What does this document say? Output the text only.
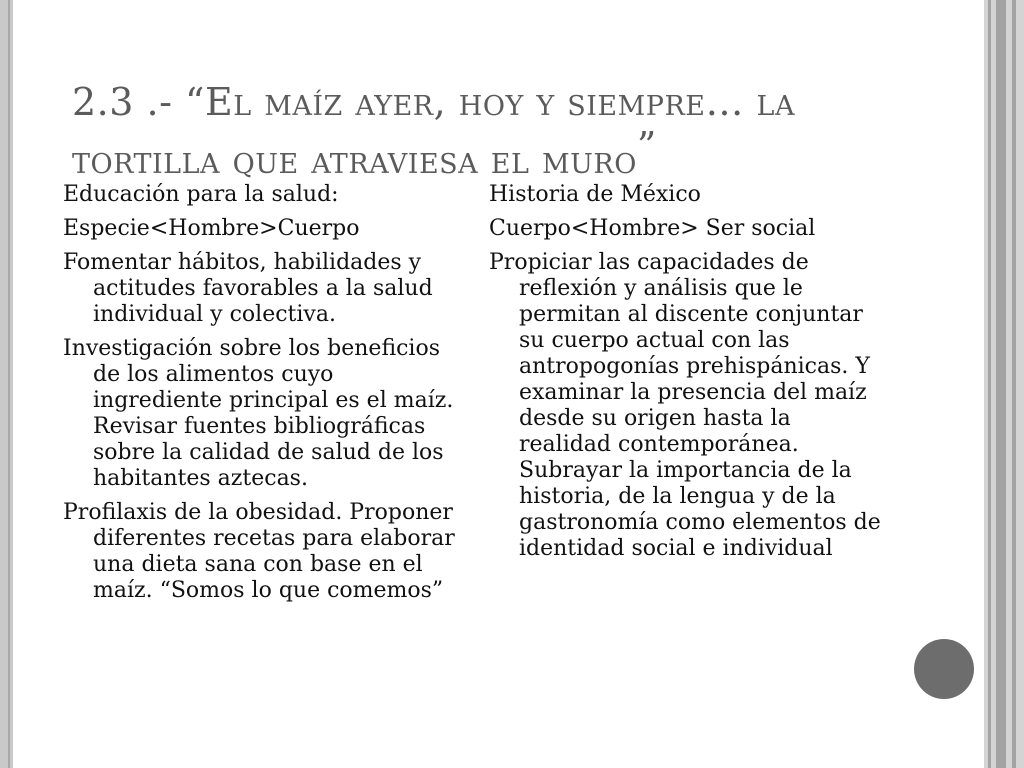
2.3 .- “El maíz ayer, hoy y siempre… la
tortilla que atraviesa el muro”

Educación para la salud:

Especie<Hombre>Cuerpo

Fomentar hábitos, habilidades y actitudes favorables a la salud individual y colectiva.

Investigación sobre los beneficios de los alimentos cuyo ingrediente principal es el maíz. Revisar fuentes bibliográficas sobre la calidad de salud de los habitantes aztecas.

Profilaxis de la obesidad. Proponer diferentes recetas para elaborar una dieta sana con base en el maíz. “Somos lo que comemos”

Historia de México

Cuerpo<Hombre> Ser social

Propiciar las capacidades de reflexión y análisis que le permitan al discente conjuntar su cuerpo actual con las antropogonías prehispánicas. Y examinar la presencia del maíz desde su origen hasta la realidad contemporánea. Subrayar la importancia de la historia, de la lengua y de la gastronomía como elementos de identidad social e individual
